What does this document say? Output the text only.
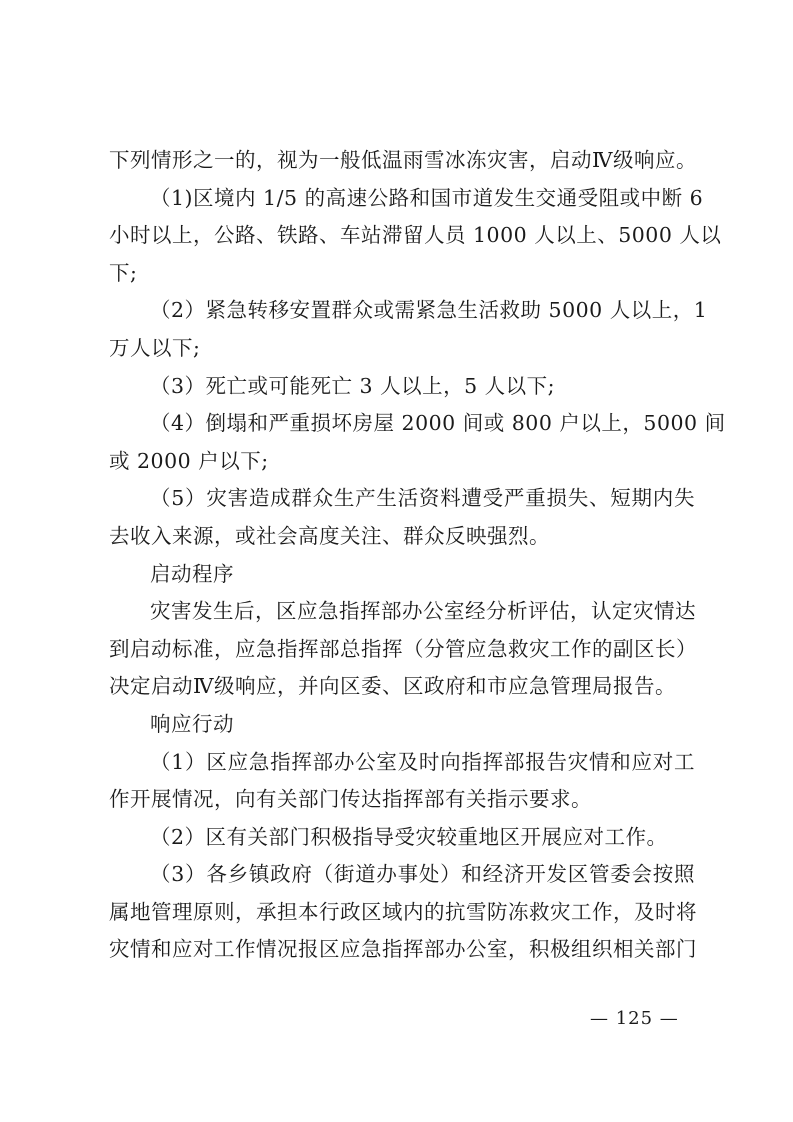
下列情形之一的，视为一般低温雨雪冰冻灾害，启动Ⅳ级响应。
（1)区境内 1/5 的高速公路和国市道发生交通受阻或中断 6
小时以上，公路、铁路、车站滞留人员 1000 人以上、5000 人以
下;
（2）紧急转移安置群众或需紧急生活救助 5000 人以上，1
万人以下;
（3）死亡或可能死亡 3 人以上，5 人以下;
（4）倒塌和严重损坏房屋 2000 间或 800 户以上，5000 间
或 2000 户以下;
（5）灾害造成群众生产生活资料遭受严重损失、短期内失
去收入来源，或社会高度关注、群众反映强烈。
启动程序
灾害发生后，区应急指挥部办公室经分析评估，认定灾情达
到启动标准，应急指挥部总指挥（分管应急救灾工作的副区长）
决定启动Ⅳ级响应，并向区委、区政府和市应急管理局报告。
响应行动
（1）区应急指挥部办公室及时向指挥部报告灾情和应对工
作开展情况，向有关部门传达指挥部有关指示要求。
（2）区有关部门积极指导受灾较重地区开展应对工作。
（3）各乡镇政府（街道办事处）和经济开发区管委会按照
属地管理原则，承担本行政区域内的抗雪防冻救灾工作，及时将
灾情和应对工作情况报区应急指挥部办公室，积极组织相关部门
— 125 —
